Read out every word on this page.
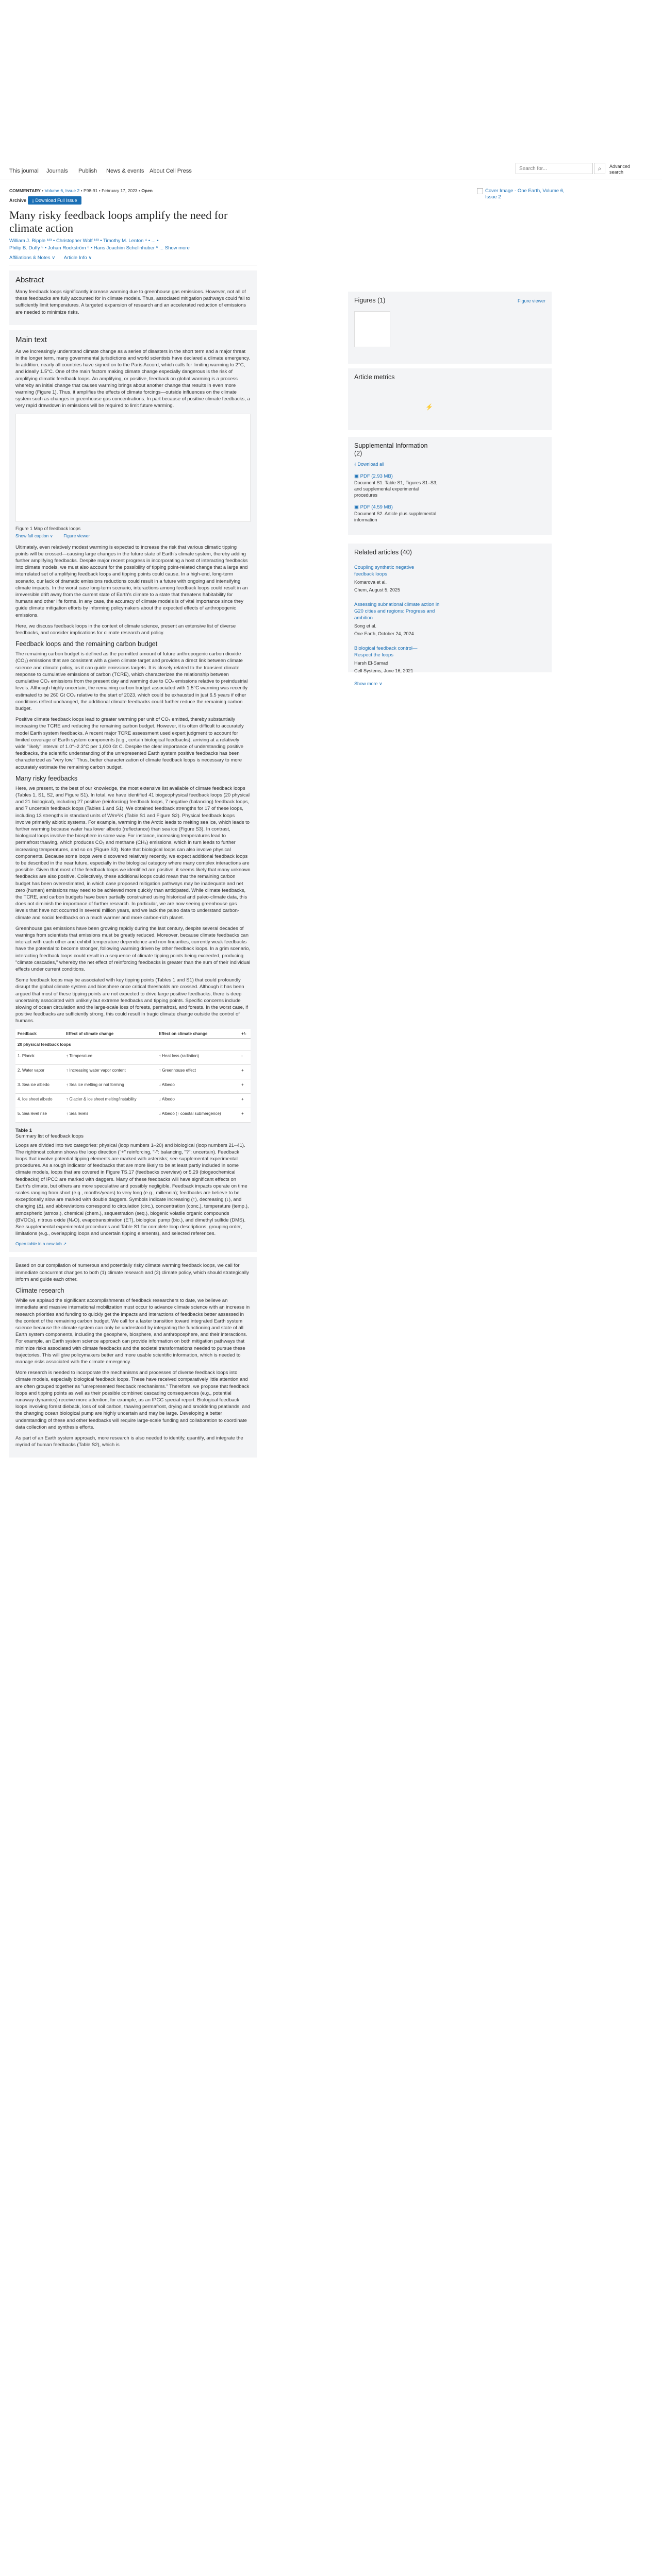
This journal Journals Publish News & events About Cell Press
Search for...	⌕	Advanced search
COMMENTARY • Volume 6, Issue 2 • P98-91 • February 17, 2023 • Open
Archive	⤓ Download Full Issue
Many risky feedback loops amplify the need for climate action
William J. Ripple ¹²³ • Christopher Wolf ¹²³ • Timothy M. Lenton ⁴ • ... •
Philip B. Duffy ⁵ • Johan Rockström ⁶ • Hans Joachim Schellnhuber ⁶ ... Show more
Affiliations & Notes ∨ Article Info ∨
Abstract

Many feedback loops significantly increase warming due to greenhouse gas emissions. However, not all of these feedbacks are fully accounted for in climate models. Thus, associated mitigation pathways could fail to sufficiently limit temperatures. A targeted expansion of research and an accelerated reduction of emissions are needed to minimize risks.

Main text

As we increasingly understand climate change as a series of disasters in the short term and a major threat in the longer term, many governmental jurisdictions and world scientists have declared a climate emergency. In addition, nearly all countries have signed on to the Paris Accord, which calls for limiting warming to 2°C, and ideally 1.5°C. One of the main factors making climate change especially dangerous is the risk of amplifying climatic feedback loops. An amplifying, or positive, feedback on global warming is a process whereby an initial change that causes warming brings about another change that results in even more warming (Figure 1). Thus, it amplifies the effects of climate forcings—outside influences on the climate system such as changes in greenhouse gas concentrations. In part because of positive climate feedbacks, a very rapid drawdown in emissions will be required to limit future warming.

Figure 1 Map of feedback loops
Show full caption ∨ Figure viewer

Ultimately, even relatively modest warming is expected to increase the risk that various climatic tipping points will be crossed—causing large changes in the future state of Earth's climate system, thereby adding further amplifying feedbacks. Despite major recent progress in incorporating a host of interacting feedbacks into climate models, we must also account for the possibility of tipping point-related change that a large and interrelated set of amplifying feedback loops and tipping points could cause. In a high-end, long-term scenario, our lack of dramatic emissions reductions could result in a future with ongoing and intensifying climate impacts. In the worst case long-term scenario, interactions among feedback loops could result in an irreversible drift away from the current state of Earth's climate to a state that threatens habitability for humans and other life forms. In any case, the accuracy of climate models is of vital importance since they guide climate mitigation efforts by informing policymakers about the expected effects of anthropogenic emissions.

Here, we discuss feedback loops in the context of climate science, present an extensive list of diverse feedbacks, and consider implications for climate research and policy.

Feedback loops and the remaining carbon budget

The remaining carbon budget is defined as the permitted amount of future anthropogenic carbon dioxide (CO₂) emissions that are consistent with a given climate target and provides a direct link between climate science and climate policy, as it can guide emissions targets. It is closely related to the transient climate response to cumulative emissions of carbon (TCRE), which characterizes the relationship between cumulative CO₂ emissions from the present day and warming due to CO₂ emissions relative to preindustrial levels. Although highly uncertain, the remaining carbon budget associated with 1.5°C warming was recently estimated to be 260 Gt CO₂ relative to the start of 2023, which could be exhausted in just 6.5 years if other conditions reflect unchanged, the additional climate feedbacks could further reduce the remaining carbon budget.

Positive climate feedback loops lead to greater warming per unit of CO₂ emitted, thereby substantially increasing the TCRE and reducing the remaining carbon budget. However, it is often difficult to accurately model Earth system feedbacks. A recent major TCRE assessment used expert judgment to account for limited coverage of Earth system components (e.g., certain biological feedbacks), arriving at a relatively wide "likely" interval of 1.0°–2.3°C per 1,000 Gt C. Despite the clear importance of understanding positive feedbacks, the scientific understanding of the unrepresented Earth system positive feedbacks has been characterized as "very low." Thus, better characterization of climate feedback loops is necessary to more accurately estimate the remaining carbon budget.

Many risky feedbacks

Here, we present, to the best of our knowledge, the most extensive list available of climate feedback loops (Tables 1, S1, S2, and Figure S1). In total, we have identified 41 biogeophysical feedback loops (20 physical and 21 biological), including 27 positive (reinforcing) feedback loops, 7 negative (balancing) feedback loops, and 7 uncertain feedback loops (Tables 1 and S1). We obtained feedback strengths for 17 of these loops, including 13 strengths in standard units of W/m²/K (Table S1 and Figure S2). Physical feedback loops involve primarily abiotic systems. For example, warming in the Arctic leads to melting sea ice, which leads to further warming because water has lower albedo (reflectance) than sea ice (Figure S3). In contrast, biological loops involve the biosphere in some way. For instance, increasing temperatures lead to permafrost thawing, which produces CO₂ and methane (CH₄) emissions, which in turn leads to further increasing temperatures, and so on (Figure S3). Note that biological loops can also involve physical components. Because some loops were discovered relatively recently, we expect additional feedback loops to be described in the near future, especially in the biological category where many complex interactions are possible. Given that most of the feedback loops we identified are positive, it seems likely that many unknown feedbacks are also positive. Collectively, these additional loops could mean that the remaining carbon budget has been overestimated, in which case proposed mitigation pathways may be inadequate and net zero (human) emissions may need to be achieved more quickly than anticipated. While climate feedbacks, the TCRE, and carbon budgets have been partially constrained using historical and paleo-climate data, this does not diminish the importance of further research. In particular, we are now seeing greenhouse gas levels that have not occurred in several million years, and we lack the paleo data to understand carbon-climate and social feedbacks on a much warmer and more carbon-rich planet.

Greenhouse gas emissions have been growing rapidly during the last century, despite several decades of warnings from scientists that emissions must be greatly reduced. Moreover, because climate feedbacks can interact with each other and exhibit temperature dependence and non-linearities, currently weak feedbacks have the potential to become stronger, following warming driven by other feedback loops. In a grim scenario, interacting feedback loops could result in a sequence of climate tipping points being exceeded, producing "climate cascades," whereby the net effect of reinforcing feedbacks is greater than the sum of their individual effects under current conditions.

Some feedback loops may be associated with key tipping points (Tables 1 and S1) that could profoundly disrupt the global climate system and biosphere once critical thresholds are crossed. Although it has been argued that most of these tipping points are not expected to drive large positive feedbacks, there is deep uncertainty associated with unlikely but extreme feedbacks and tipping points. Specific concerns include slowing of ocean circulation and the large-scale loss of forests, permafrost, and forests. In the worst case, if positive feedbacks are sufficiently strong, this could result in tragic climate change outside the control of humans.

Feedback	Effect of climate change	Effect on climate change	+/-
20 physical feedback loops			
1. Planck	↑ Temperature	↑ Heat loss (radiation)	-
2. Water vapor	↑ Increasing water vapor content	↑ Greenhouse effect	+
3. Sea ice albedo	↑ Sea ice melting or not forming	↓ Albedo	+
4. Ice sheet albedo	↑ Glacier & ice sheet melting/instability	↓ Albedo	+
5. Sea level rise	↑ Sea levels	↓ Albedo (↑ coastal submergence)	+
Table 1
Summary list of feedback loops

Loops are divided into two categories: physical (loop numbers 1–20) and biological (loop numbers 21–41). The rightmost column shows the loop direction ("+" reinforcing, "-": balancing, "?": uncertain). Feedback loops that involve potential tipping elements are marked with asterisks; see supplemental experimental procedures. As a rough indicator of feedbacks that are more likely to be at least partly included in some climate models, loops that are covered in Figure TS.17 (feedbacks overview) or 5.29 (biogeochemical feedbacks) of IPCC are marked with daggers. Many of these feedbacks will have significant effects on Earth's climate, but others are more speculative and possibly negligible. Feedback impacts operate on time scales ranging from short (e.g., months/years) to very long (e.g., millennia); feedbacks are believe to be exceptionally slow are marked with double daggers. Symbols indicate increasing (↑), decreasing (↓), and changing (Δ), and abbreviations correspond to circulation (circ.), concentration (conc.), temperature (temp.), atmospheric (atmos.), chemical (chem.), sequestration (seq.), biogenic volatile organic compounds (BVOCs), nitrous oxide (N₂O), evapotranspiration (ET), biological pump (bio.), and dimethyl sulfide (DMS). See supplemental experimental procedures and Table S1 for complete loop descriptions, grouping order, limitations (e.g., overlapping loops and uncertain tipping elements), and selected references.

Open table in a new tab ↗

Based on our compilation of numerous and potentially risky climate warming feedback loops, we call for immediate concurrent changes to both (1) climate research and (2) climate policy, which should strategically inform and guide each other.

Climate research

While we applaud the significant accomplishments of feedback researchers to date, we believe an immediate and massive international mobilization must occur to advance climate science with an increase in research priorities and funding to quickly get the impacts and interactions of feedbacks better assessed in the context of the remaining carbon budget. We call for a faster transition toward integrated Earth system science because the climate system can only be understood by integrating the functioning and state of all Earth system components, including the geosphere, biosphere, and anthroposphere, and their interactions. For example, an Earth system science approach can provide information on both mitigation pathways that minimize risks associated with climate feedbacks and the societal transformations needed to pursue these trajectories. This will give policymakers better and more usable scientific information, which is needed to manage risks associated with the climate emergency.

More research is needed to incorporate the mechanisms and processes of diverse feedback loops into climate models, especially biological feedback loops. These have received comparatively little attention and are often grouped together as "unrepresented feedback mechanisms." Therefore, we propose that feedback loops and tipping points as well as their possible combined cascading consequences (e.g., potential runaway dynamics) receive more attention, for example, as an IPCC special report. Biological feedback loops involving forest dieback, loss of soil carbon, thawing permafrost, drying and smoldering peatlands, and the changing ocean biological pump are highly uncertain and may be large. Developing a better understanding of these and other feedbacks will require large-scale funding and collaboration to coordinate data collection and synthesis efforts.

As part of an Earth system approach, more research is also needed to identify, quantify, and integrate the myriad of human feedbacks (Table S2), which is

Cover Image - One Earth, Volume 6, Issue 2
Figures (1)	Figure viewer
Article metrics
⚡
Supplemental Information (2)
⤓ Download all
▣ PDF (2.93 MB)
Document S1. Table S1, Figures S1–S3, and supplemental experimental procedures
▣ PDF (4.59 MB)
Document S2. Article plus supplemental information
Related articles (40)
Coupling synthetic negative feedback loops
Komarova et al.
Chem, August 5, 2025
Assessing subnational climate action in G20 cities and regions: Progress and ambition
Song et al.
One Earth, October 24, 2024
Biological feedback control—Respect the loops
Harsh El-Samad
Cell Systems, June 16, 2021
Show more ∨
